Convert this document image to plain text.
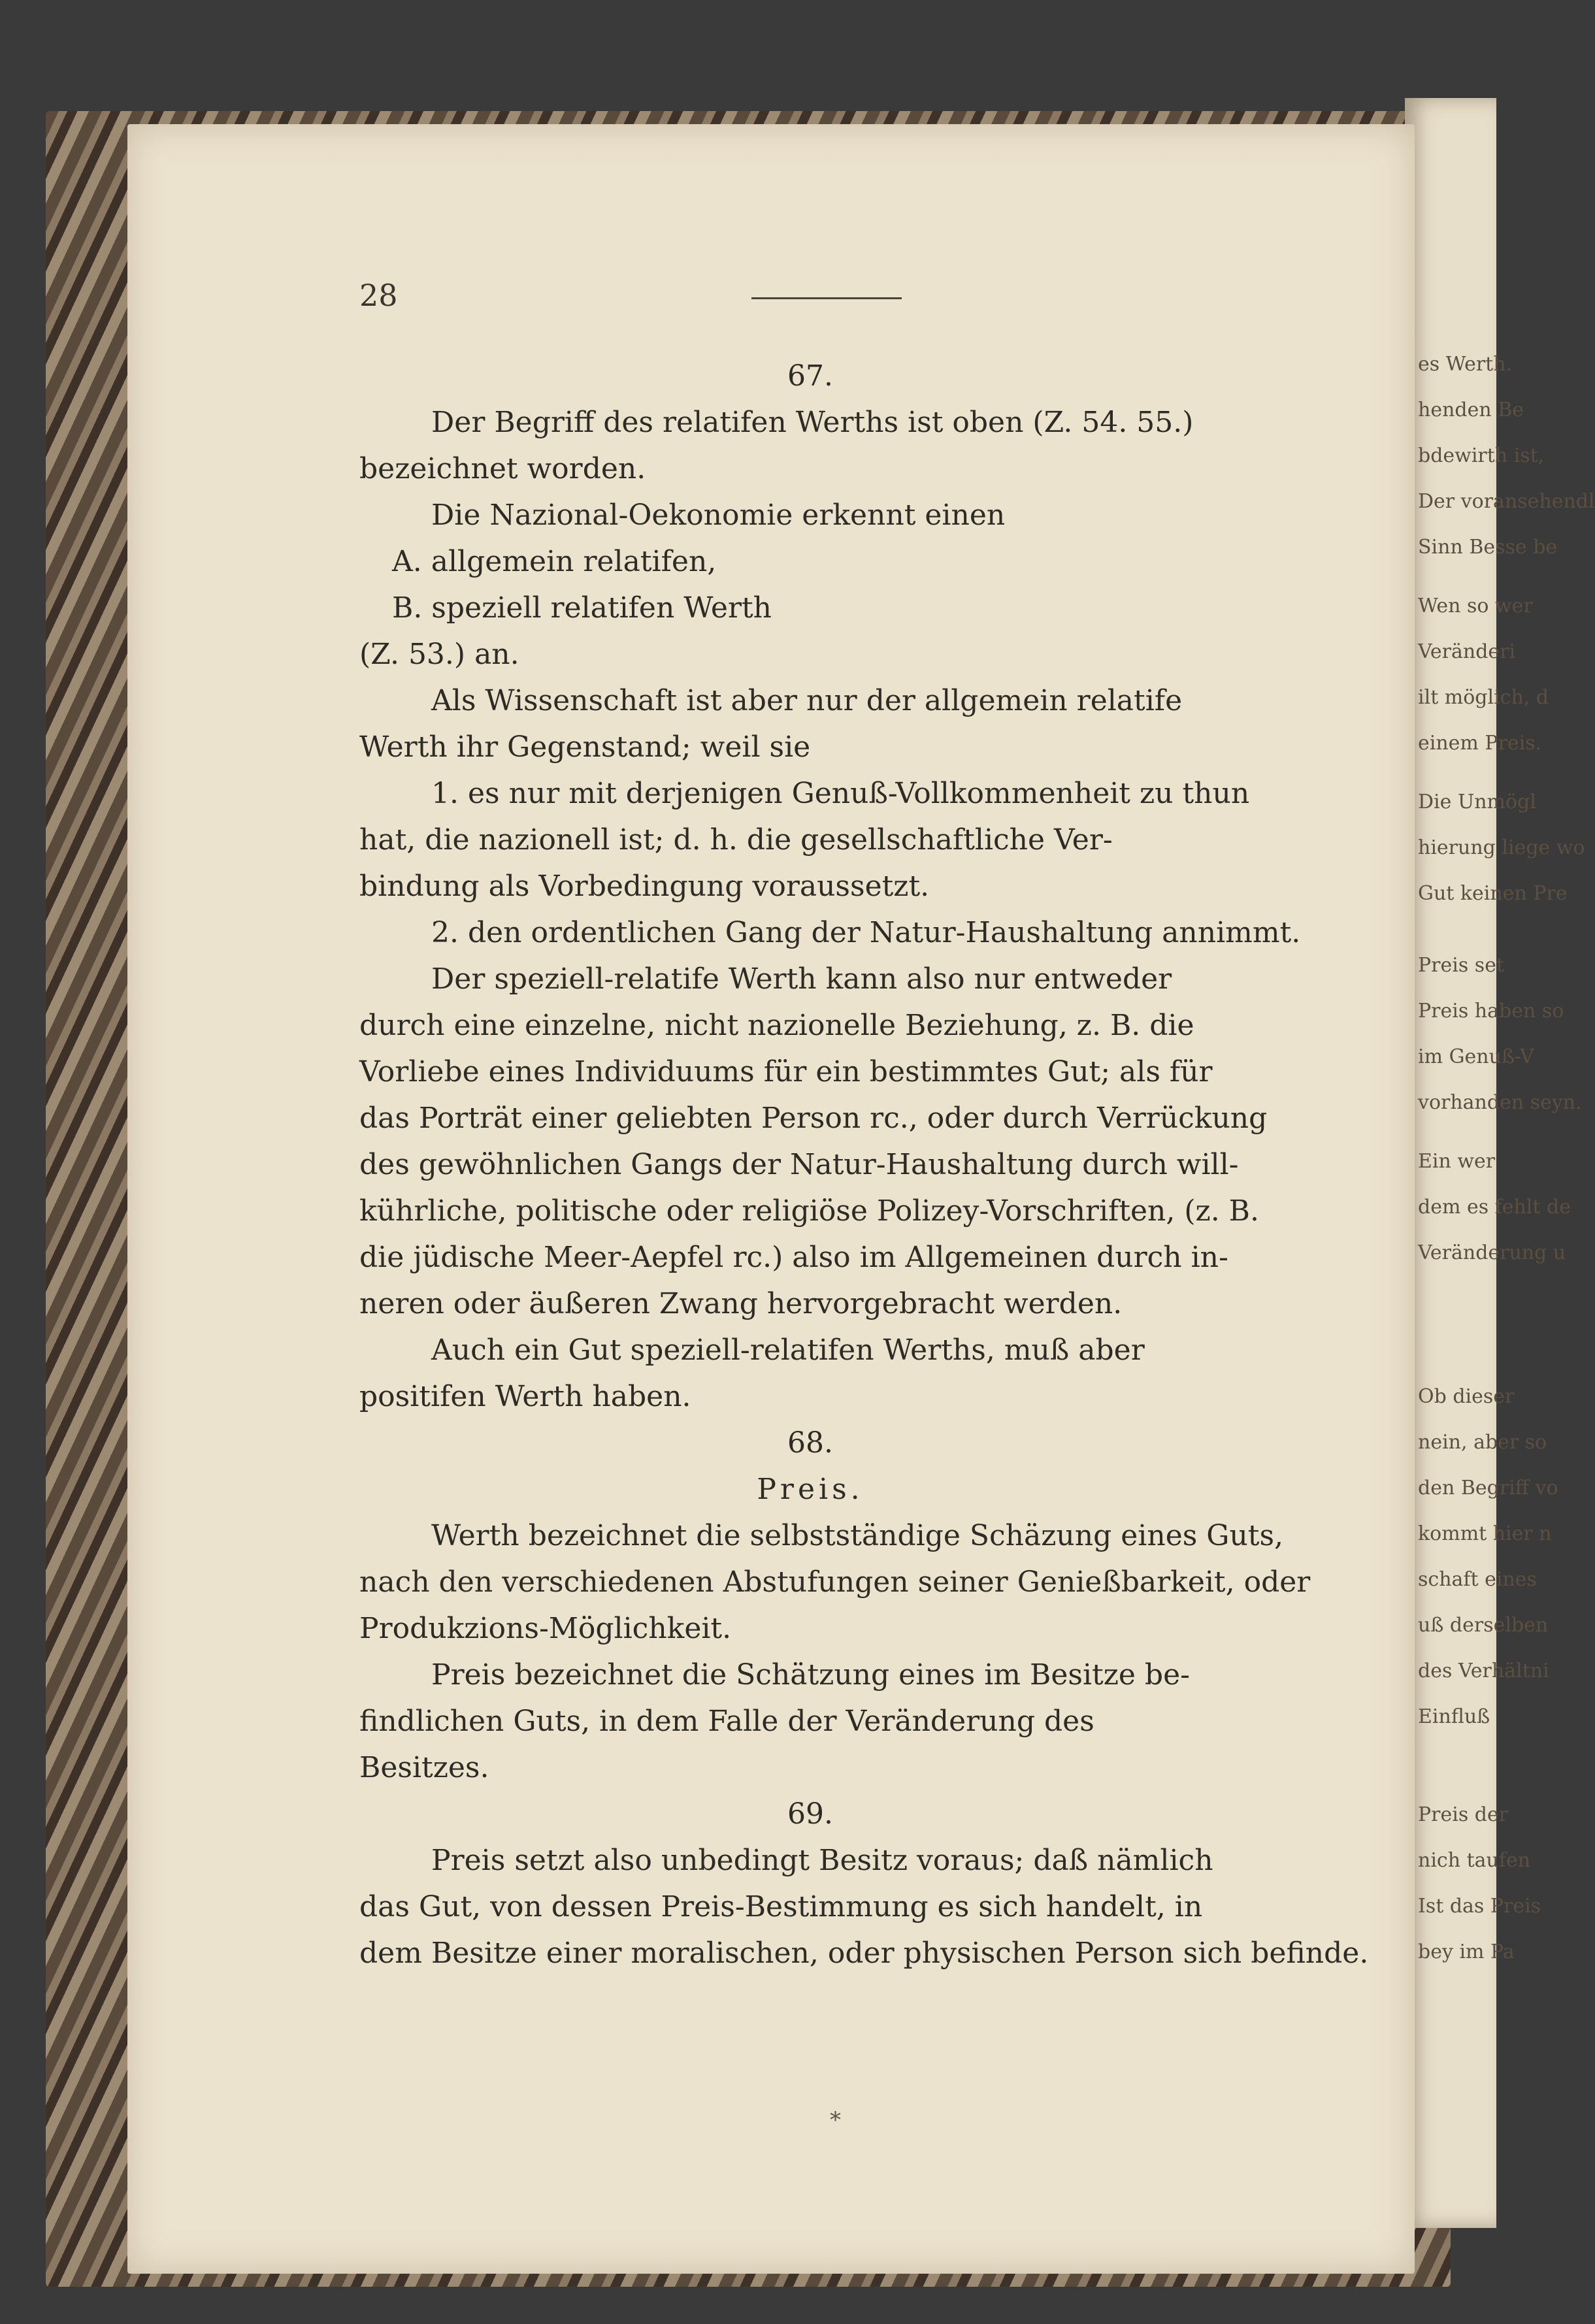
es Werth.
henden Be
bdewirth ist,
Der voransehendl
Sinn Besse be
Wen so wer
Veränderi
ilt möglich, d
einem Preis.
Die Unmögl
hierung liege wo
Gut keinen Pre
Preis set
Preis haben so
im Genuß-V
vorhanden seyn.
Ein wer
dem es fehlt de
Veränderung u
Ob dieser
nein, aber so
den Begriff vo
kommt hier n
schaft eines
uß derselben
des Verhältni
Einfluß
Preis der
nich taufen
Ist das Preis
bey im Pa
28
67.
Der Begriff des relatifen Werths ist oben (Z. 54. 55.)
bezeichnet worden.
Die Nazional-Oekonomie erkennt einen
A. allgemein relatifen,
B. speziell relatifen Werth
(Z. 53.) an.
Als Wissenschaft ist aber nur der allgemein relatife
Werth ihr Gegenstand; weil sie
1. es nur mit derjenigen Genuß-Vollkommenheit zu thun
hat, die nazionell ist; d. h. die gesellschaftliche Ver-
bindung als Vorbedingung voraussetzt.
2. den ordentlichen Gang der Natur-Haushaltung annimmt.
Der speziell-relatife Werth kann also nur entweder
durch eine einzelne, nicht nazionelle Beziehung, z. B. die
Vorliebe eines Individuums für ein bestimmtes Gut; als für
das Porträt einer geliebten Person rc., oder durch Verrückung
des gewöhnlichen Gangs der Natur-Haushaltung durch will-
kührliche, politische oder religiöse Polizey-Vorschriften, (z. B.
die jüdische Meer-Aepfel rc.) also im Allgemeinen durch in-
neren oder äußeren Zwang hervorgebracht werden.
Auch ein Gut speziell-relatifen Werths, muß aber
positifen Werth haben.
68.
Preis.
Werth bezeichnet die selbstständige Schäzung eines Guts,
nach den verschiedenen Abstufungen seiner Genießbarkeit, oder
Produkzions-Möglichkeit.
Preis bezeichnet die Schätzung eines im Besitze be-
findlichen Guts, in dem Falle der Veränderung des
Besitzes.
69.
Preis setzt also unbedingt Besitz voraus; daß nämlich
das Gut, von dessen Preis-Bestimmung es sich handelt, in
dem Besitze einer moralischen, oder physischen Person sich befinde.
*
